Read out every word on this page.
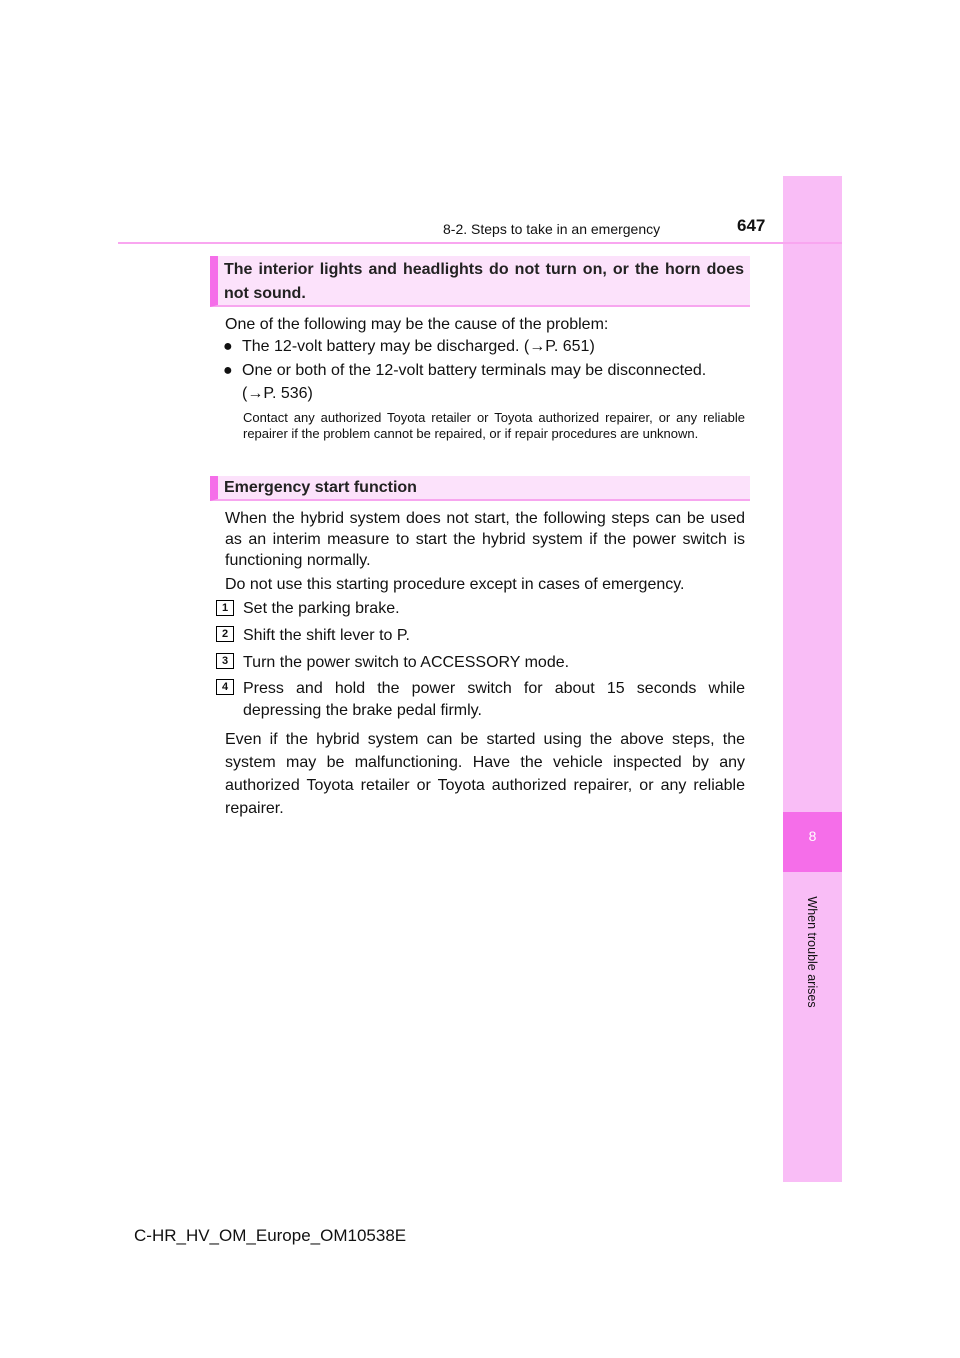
8
When trouble arises
8-2. Steps to take in an emergency	647
The interior lights and headlights do not turn on, or the horn does not sound.
One of the following may be the cause of the problem:
● The 12-volt battery may be discharged. (→P. 651)
● One or both of the 12-volt battery terminals may be disconnected. (→P. 536)
Contact any authorized Toyota retailer or Toyota authorized repairer, or any reliable repairer if the problem cannot be repaired, or if repair procedures are unknown.
Emergency start function
When the hybrid system does not start, the following steps can be used as an interim measure to start the hybrid system if the power switch is functioning normally.
Do not use this starting procedure except in cases of emergency.
1 Set the parking brake.
2 Shift the shift lever to P.
3 Turn the power switch to ACCESSORY mode.
4 Press and hold the power switch for about 15 seconds while depressing the brake pedal firmly.
Even if the hybrid system can be started using the above steps, the system may be malfunctioning. Have the vehicle inspected by any authorized Toyota retailer or Toyota authorized repairer, or any reliable repairer.
C-HR_HV_OM_Europe_OM10538E
